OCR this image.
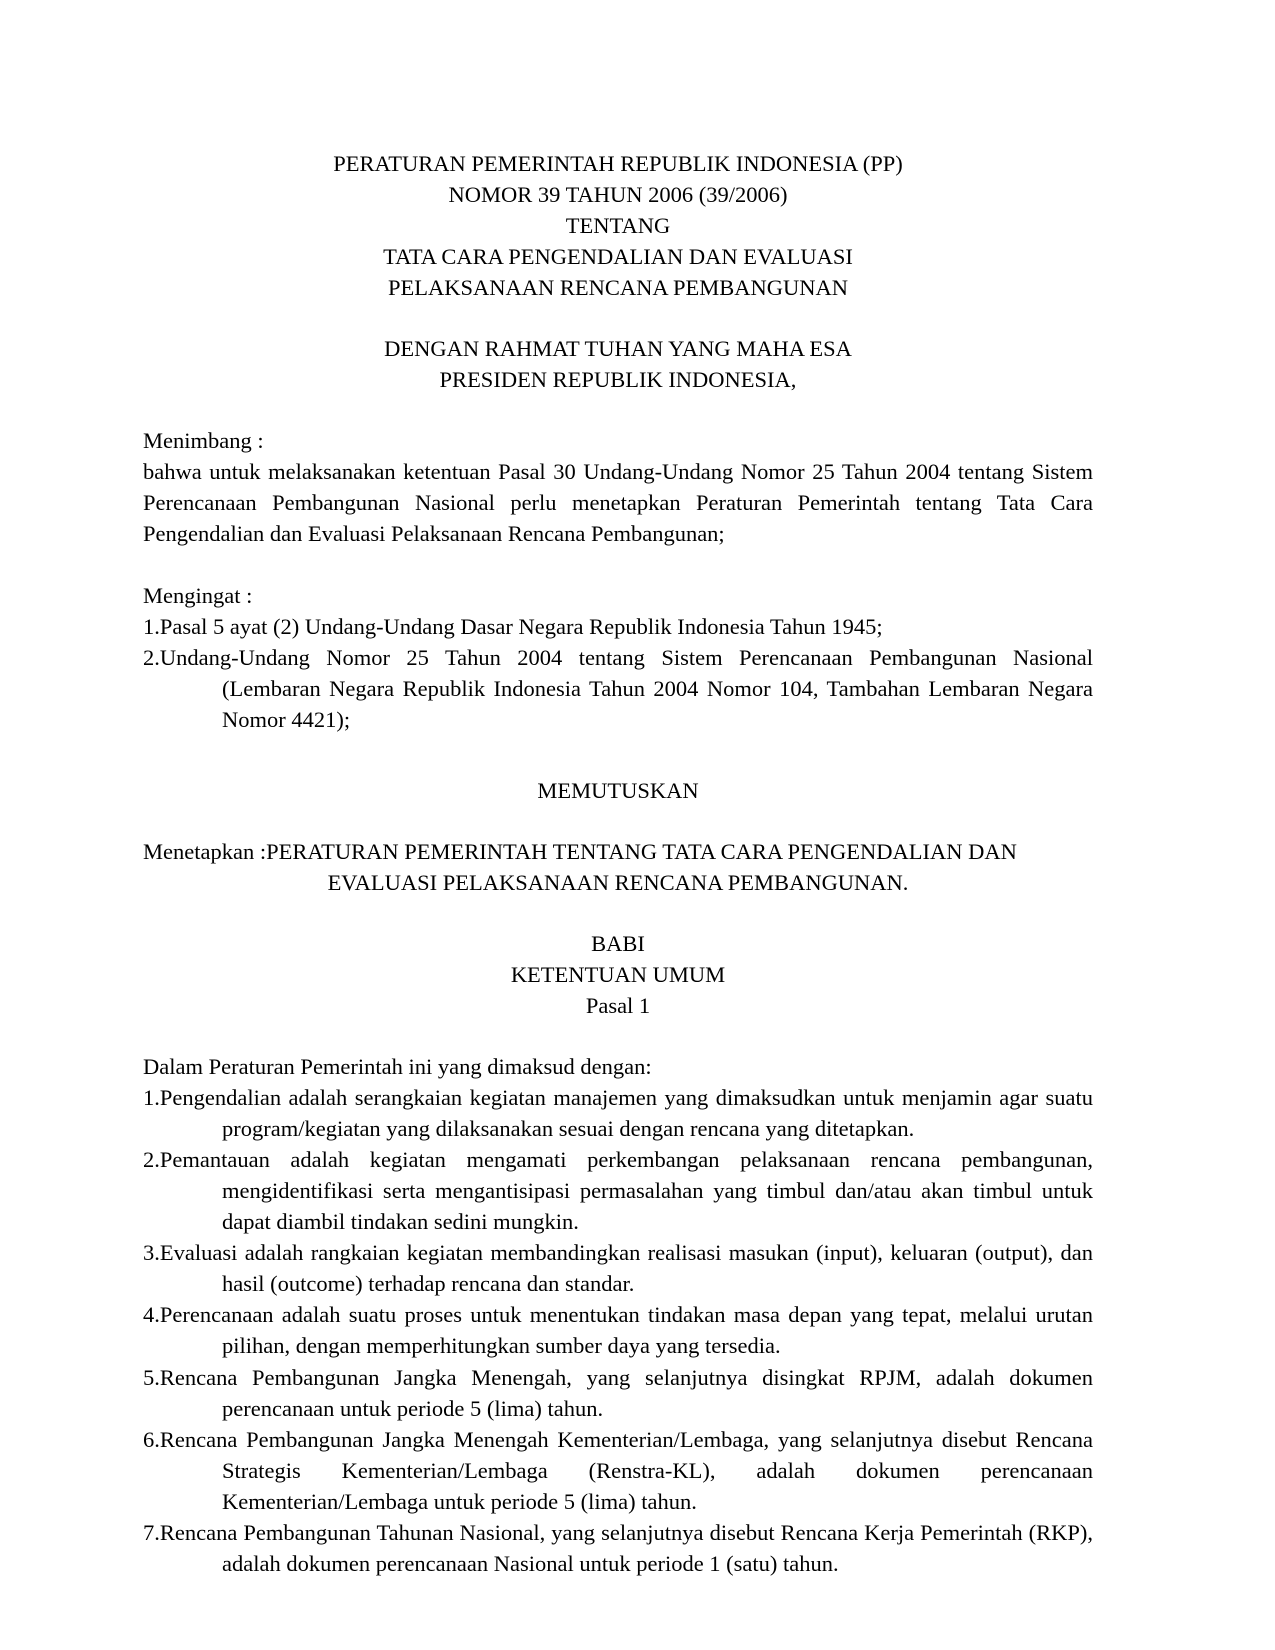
PERATURAN PEMERINTAH REPUBLIK INDONESIA (PP)
NOMOR 39 TAHUN 2006 (39/2006)
TENTANG
TATA CARA PENGENDALIAN DAN EVALUASI
PELAKSANAAN RENCANA PEMBANGUNAN
DENGAN RAHMAT TUHAN YANG MAHA ESA
PRESIDEN REPUBLIK INDONESIA,

Menimbang :

bahwa untuk melaksanakan ketentuan Pasal 30 Undang-Undang Nomor 25 Tahun 2004 tentang Sistem Perencanaan Pembangunan Nasional perlu menetapkan Peraturan Pemerintah tentang Tata Cara Pengendalian dan Evaluasi Pelaksanaan Rencana Pembangunan;

Mengingat :

1.Pasal 5 ayat (2) Undang-Undang Dasar Negara Republik Indonesia Tahun 1945;

2.Undang-Undang Nomor 25 Tahun 2004 tentang Sistem Perencanaan Pembangunan Nasional (Lembaran Negara Republik Indonesia Tahun 2004 Nomor 104, Tambahan Lembaran Negara Nomor 4421);

MEMUTUSKAN

Menetapkan :PERATURAN PEMERINTAH TENTANG TATA CARA PENGENDALIAN DAN

EVALUASI PELAKSANAAN RENCANA PEMBANGUNAN.

BABI
KETENTUAN UMUM
Pasal 1

Dalam Peraturan Pemerintah ini yang dimaksud dengan:

1.Pengendalian adalah serangkaian kegiatan manajemen yang dimaksudkan untuk menjamin agar suatu program/kegiatan yang dilaksanakan sesuai dengan rencana yang ditetapkan.

2.Pemantauan adalah kegiatan mengamati perkembangan pelaksanaan rencana pembangunan, mengidentifikasi serta mengantisipasi permasalahan yang timbul dan/atau akan timbul untuk dapat diambil tindakan sedini mungkin.

3.Evaluasi adalah rangkaian kegiatan membandingkan realisasi masukan (input), keluaran (output), dan hasil (outcome) terhadap rencana dan standar.

4.Perencanaan adalah suatu proses untuk menentukan tindakan masa depan yang tepat, melalui urutan pilihan, dengan memperhitungkan sumber daya yang tersedia.

5.Rencana Pembangunan Jangka Menengah, yang selanjutnya disingkat RPJM, adalah dokumen perencanaan untuk periode 5 (lima) tahun.

6.Rencana Pembangunan Jangka Menengah Kementerian/Lembaga, yang selanjutnya disebut Rencana Strategis Kementerian/Lembaga (Renstra-KL), adalah dokumen perencanaan Kementerian/Lembaga untuk periode 5 (lima) tahun.

7.Rencana Pembangunan Tahunan Nasional, yang selanjutnya disebut Rencana Kerja Pemerintah (RKP), adalah dokumen perencanaan Nasional untuk periode 1 (satu) tahun.
